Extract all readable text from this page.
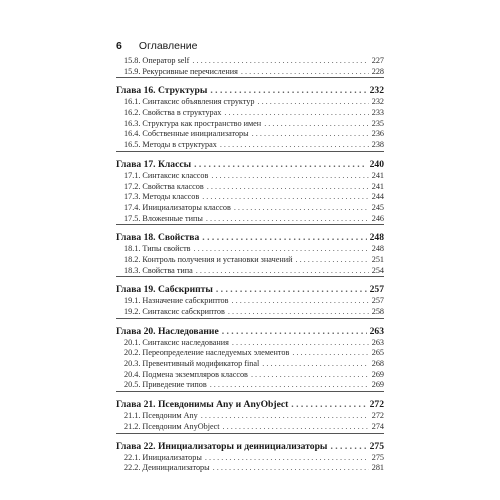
6 Оглавление
15.8. Оператор self . . .	227
15.9. Рекурсивные перечисления . . .	228
Глава 16. Структуры . . .	232
16.1. Синтаксис объявления структур . . .	232
16.2. Свойства в структурах . . .	233
16.3. Структура как пространство имен . . .	235
16.4. Собственные инициализаторы . . .	236
16.5. Методы в структурах . . .	238
Глава 17. Классы . . .	240
17.1. Синтаксис классов . . .	241
17.2. Свойства классов . . .	241
17.3. Методы классов . . .	244
17.4. Инициализаторы классов . . .	245
17.5. Вложенные типы . . .	246
Глава 18. Свойства . . .	248
18.1. Типы свойств . . .	248
18.2. Контроль получения и установки значений . . .	251
18.3. Свойства типа . . .	254
Глава 19. Сабскрипты . . .	257
19.1. Назначение сабскриптов . . .	257
19.2. Синтаксис сабскриптов . . .	258
Глава 20. Наследование . . .	263
20.1. Синтаксис наследования . . .	263
20.2. Переопределение наследуемых элементов . . .	265
20.3. Превентивный модификатор final . . .	268
20.4. Подмена экземпляров классов . . .	269
20.5. Приведение типов . . .	269
Глава 21. Псевдонимы Any и AnyObject . . .	272
21.1. Псевдоним Any . . .	272
21.2. Псевдоним AnyObject . . .	274
Глава 22. Инициализаторы и деинициализаторы . . .	275
22.1. Инициализаторы . . .	275
22.2. Деинициализаторы . . .	281
